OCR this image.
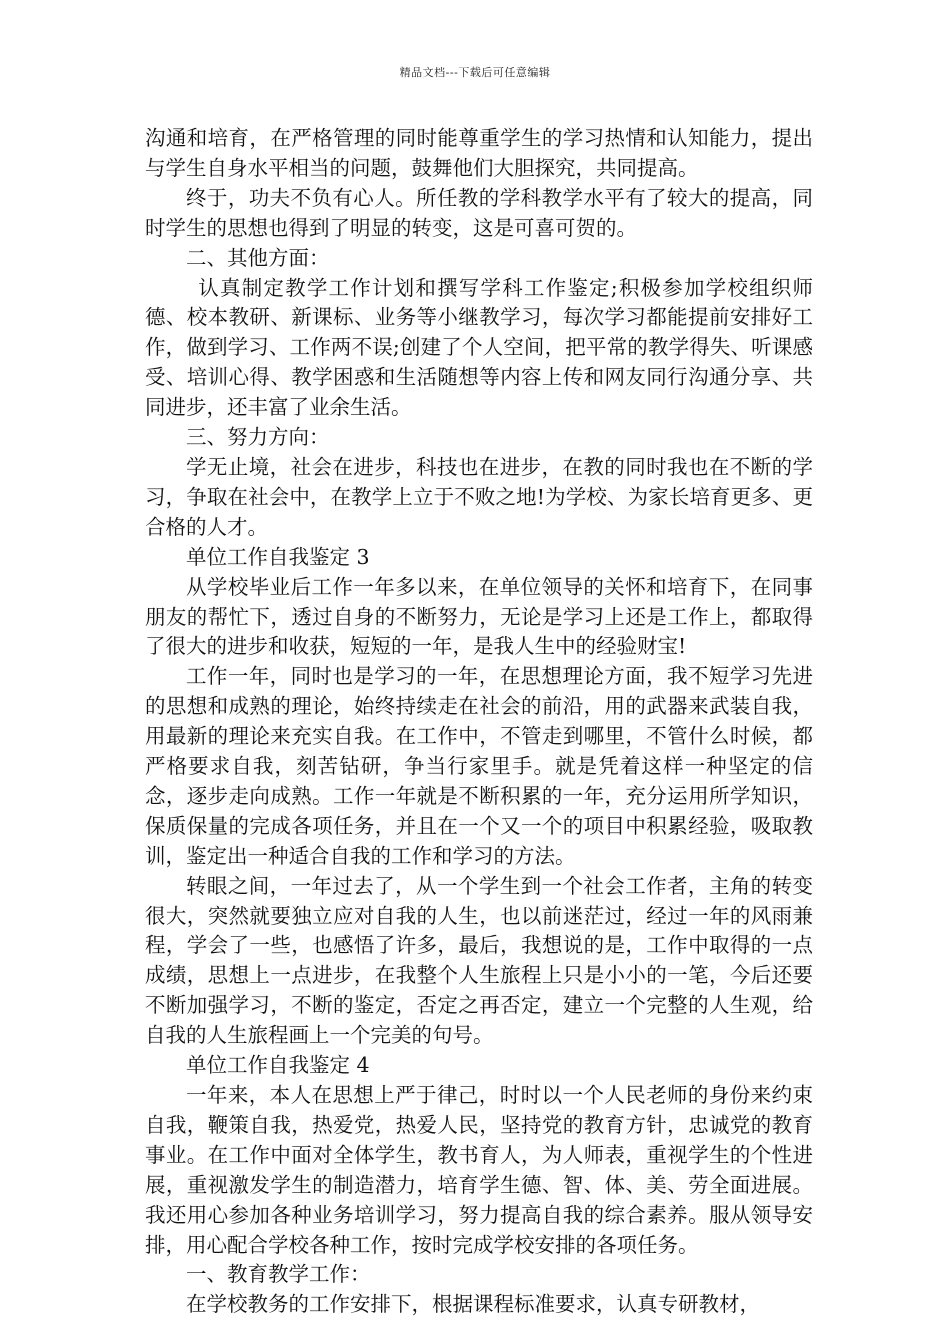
精品文档---下载后可任意编辑

沟通和培育，在严格管理的同时能尊重学生的学习热情和认知能力，提出与学生自身水平相当的问题，鼓舞他们大胆探究，共同提高。

终于，功夫不负有心人。所任教的学科教学水平有了较大的提高，同时学生的思想也得到了明显的转变，这是可喜可贺的。

二、其他方面：

认真制定教学工作计划和撰写学科工作鉴定;积极参加学校组织师德、校本教研、新课标、业务等小继教学习，每次学习都能提前安排好工作，做到学习、工作两不误;创建了个人空间，把平常的教学得失、听课感受、培训心得、教学困惑和生活随想等内容上传和网友同行沟通分享、共同进步，还丰富了业余生活。

三、努力方向：

学无止境，社会在进步，科技也在进步，在教的同时我也在不断的学习，争取在社会中，在教学上立于不败之地!为学校、为家长培育更多、更合格的人才。

单位工作自我鉴定 3

从学校毕业后工作一年多以来，在单位领导的关怀和培育下，在同事朋友的帮忙下，透过自身的不断努力，无论是学习上还是工作上，都取得了很大的进步和收获，短短的一年，是我人生中的经验财宝!

工作一年，同时也是学习的一年，在思想理论方面，我不短学习先进的思想和成熟的理论，始终持续走在社会的前沿，用的武器来武装自我，用最新的理论来充实自我。在工作中，不管走到哪里，不管什么时候，都严格要求自我，刻苦钻研，争当行家里手。就是凭着这样一种坚定的信念，逐步走向成熟。工作一年就是不断积累的一年，充分运用所学知识，保质保量的完成各项任务，并且在一个又一个的项目中积累经验，吸取教训，鉴定出一种适合自我的工作和学习的方法。

转眼之间，一年过去了，从一个学生到一个社会工作者，主角的转变很大，突然就要独立应对自我的人生，也以前迷茫过，经过一年的风雨兼程，学会了一些，也感悟了许多，最后，我想说的是，工作中取得的一点成绩，思想上一点进步，在我整个人生旅程上只是小小的一笔，今后还要不断加强学习，不断的鉴定，否定之再否定，建立一个完整的人生观，给自我的人生旅程画上一个完美的句号。

单位工作自我鉴定 4

一年来，本人在思想上严于律己，时时以一个人民老师的身份来约束自我，鞭策自我，热爱党，热爱人民，坚持党的教育方针，忠诚党的教育事业。在工作中面对全体学生，教书育人，为人师表，重视学生的个性进展，重视激发学生的制造潜力，培育学生德、智、体、美、劳全面进展。我还用心参加各种业务培训学习，努力提高自我的综合素养。服从领导安排，用心配合学校各种工作，按时完成学校安排的各项任务。

一、教育教学工作：

在学校教务的工作安排下，根据课程标准要求，认真专研教材，
